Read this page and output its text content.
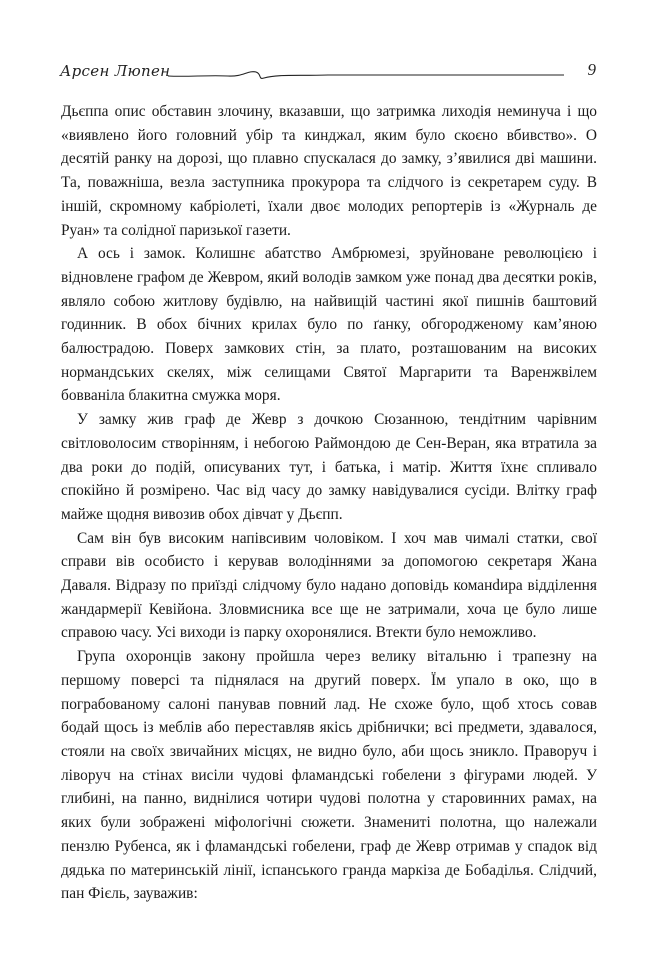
Арсен Люпен	9

Дьєппа опис обставин злочину, вказавши, що затримка лиходія неминуча і що «виявлено його головний убір та кинджал, яким було скоєно вбивство». О десятій ранку на дорозі, що плавно спускалася до замку, з’явилися дві машини. Та, поважніша, везла заступника прокурора та слідчого із секретарем суду. В іншій, скромному кабріолеті, їхали двоє молодих репортерів із «Журналь де Руан» та солідної паризької газети.

А ось і замок. Колишнє абатство Амбрюмезі, зруйноване революцією і відновлене графом де Жевром, який володів замком уже понад два десятки років, являло собою житлову будівлю, на найвищій частині якої пишнів баштовий годинник. В обох бічних крилах було по ґанку, обгородженому кам’яною балюстрадою. Поверх замкових стін, за плато, розташованим на високих нормандських скелях, між селищами Святої Маргарити та Варенжвілем бовваніла блакитна смужка моря.

У замку жив граф де Жевр з дочкою Сюзанною, тендітним чарівним світловолосим створінням, і небогою Раймондою де Сен-Веран, яка втратила за два роки до подій, описуваних тут, і батька, і матір. Життя їхнє спливало спокійно й розмірено. Час від часу до замку навідувалися сусіди. Влітку граф майже щодня вивозив обох дівчат у Дьєпп.

Сам він був високим напівсивим чоловіком. І хоч мав чималі статки, свої справи вів особисто і керував володіннями за допомогою секретаря Жана Даваля. Відразу по приїзді слідчому було надано доповідь команdира відділення жандармерії Кевійона. Зловмисника все ще не затримали, хоча це було лише справою часу. Усі виходи із парку охоронялися. Втекти було неможливо.

Група охоронців закону пройшла через велику вітальню і трапезну на першому поверсі та піднялася на другий поверх. Їм упало в око, що в пограбованому салоні панував повний лад. Не схоже було, щоб хтось совав бодай щось із меблів або переставляв якісь дрібнички; всі предмети, здавалося, стояли на своїх звичайних місцях, не видно було, аби щось зникло. Праворуч і ліворуч на стінах висіли чудові фламандські гобелени з фігурами людей. У глибині, на панно, виднілися чотири чудові полотна у старовинних рамах, на яких були зображені міфологічні сюжети. Знамениті полотна, що належали пензлю Рубенса, як і фламандські гобелени, граф де Жевр отримав у спадок від дядька по материнській лінії, іспанського гранда маркіза де Бобаділья. Слідчий, пан Фієль, зауважив:
